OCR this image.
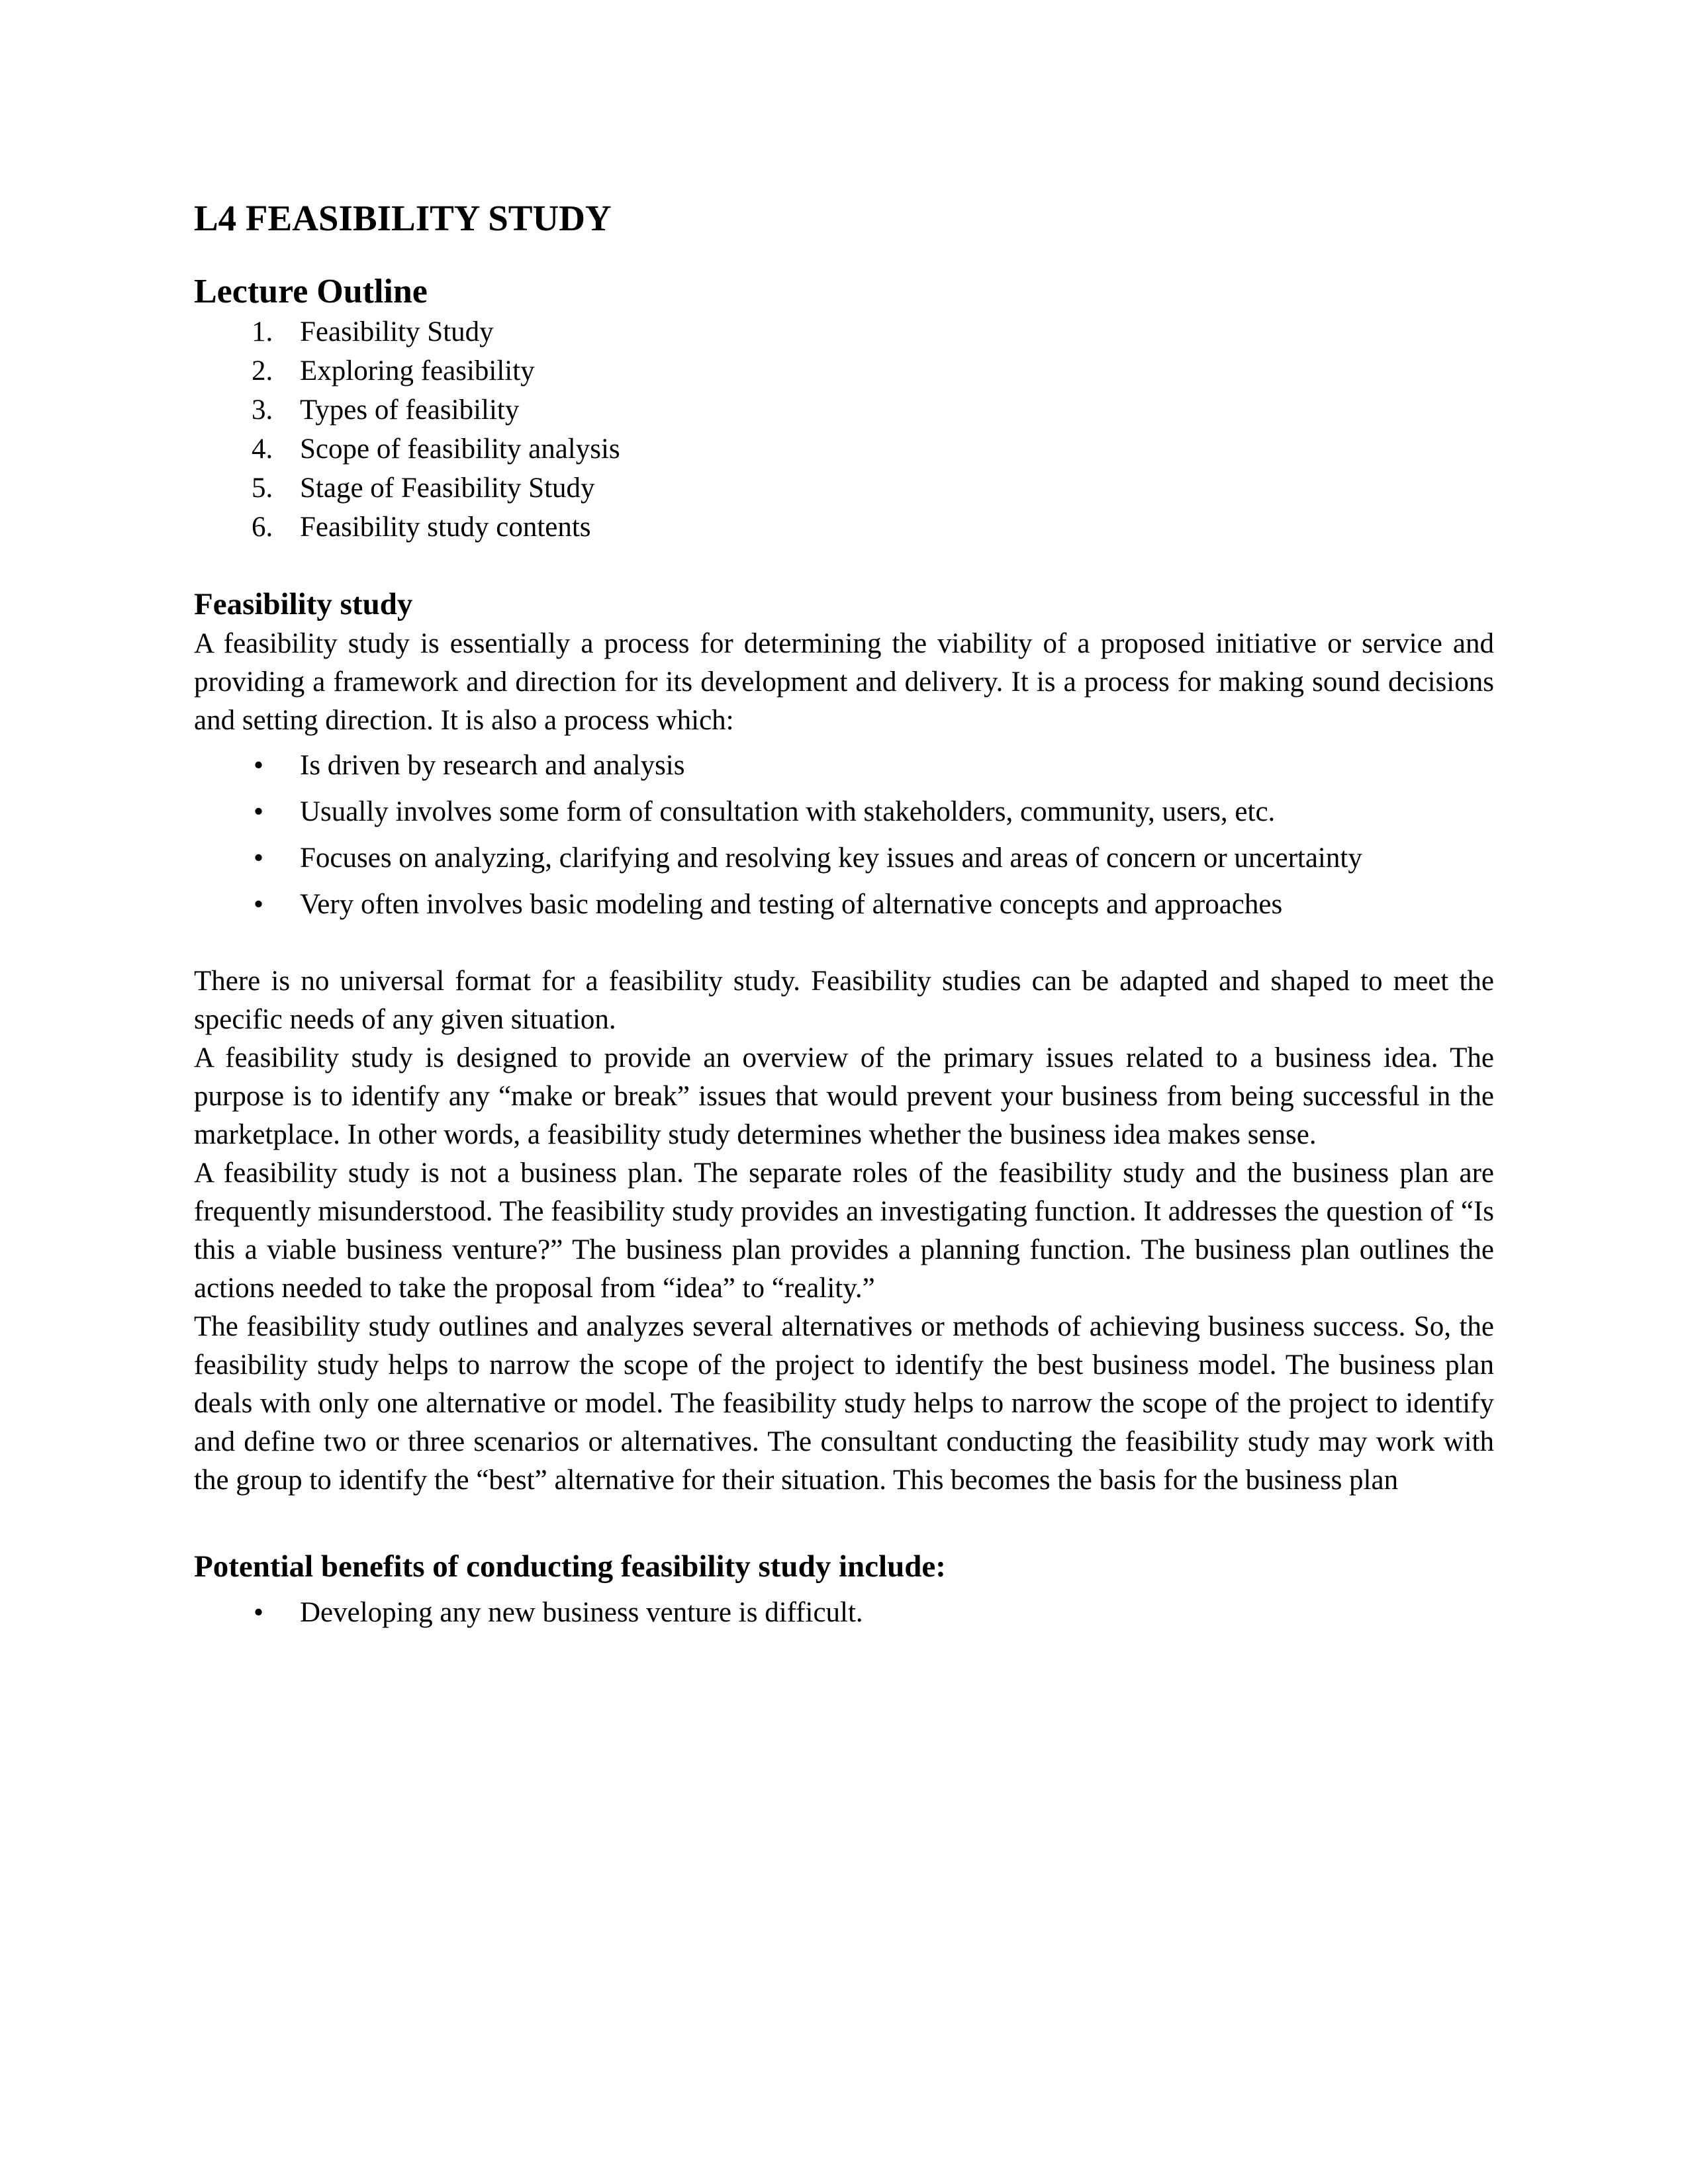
L4 FEASIBILITY STUDY
Lecture Outline
1. Feasibility Study
2. Exploring feasibility
3. Types of feasibility
4. Scope of feasibility analysis
5. Stage of Feasibility Study
6. Feasibility study contents
Feasibility study

A feasibility study is essentially a process for determining the viability of a proposed initiative or service and providing a framework and direction for its development and delivery. It is a process for making sound decisions and setting direction. It is also a process which:

• Is driven by research and analysis
• Usually involves some form of consultation with stakeholders, community, users, etc.
• Focuses on analyzing, clarifying and resolving key issues and areas of concern or uncertainty
• Very often involves basic modeling and testing of alternative concepts and approaches

There is no universal format for a feasibility study. Feasibility studies can be adapted and shaped to meet the specific needs of any given situation.

A feasibility study is designed to provide an overview of the primary issues related to a business idea. The purpose is to identify any “make or break” issues that would prevent your business from being successful in the marketplace. In other words, a feasibility study determines whether the business idea makes sense.

A feasibility study is not a business plan. The separate roles of the feasibility study and the business plan are frequently misunderstood. The feasibility study provides an investigating function. It addresses the question of “Is this a viable business venture?” The business plan provides a planning function. The business plan outlines the actions needed to take the proposal from “idea” to “reality.”

The feasibility study outlines and analyzes several alternatives or methods of achieving business success. So, the feasibility study helps to narrow the scope of the project to identify the best business model. The business plan deals with only one alternative or model. The feasibility study helps to narrow the scope of the project to identify and define two or three scenarios or alternatives. The consultant conducting the feasibility study may work with the group to identify the “best” alternative for their situation. This becomes the basis for the business plan

Potential benefits of conducting feasibility study include:
• Developing any new business venture is difficult.
